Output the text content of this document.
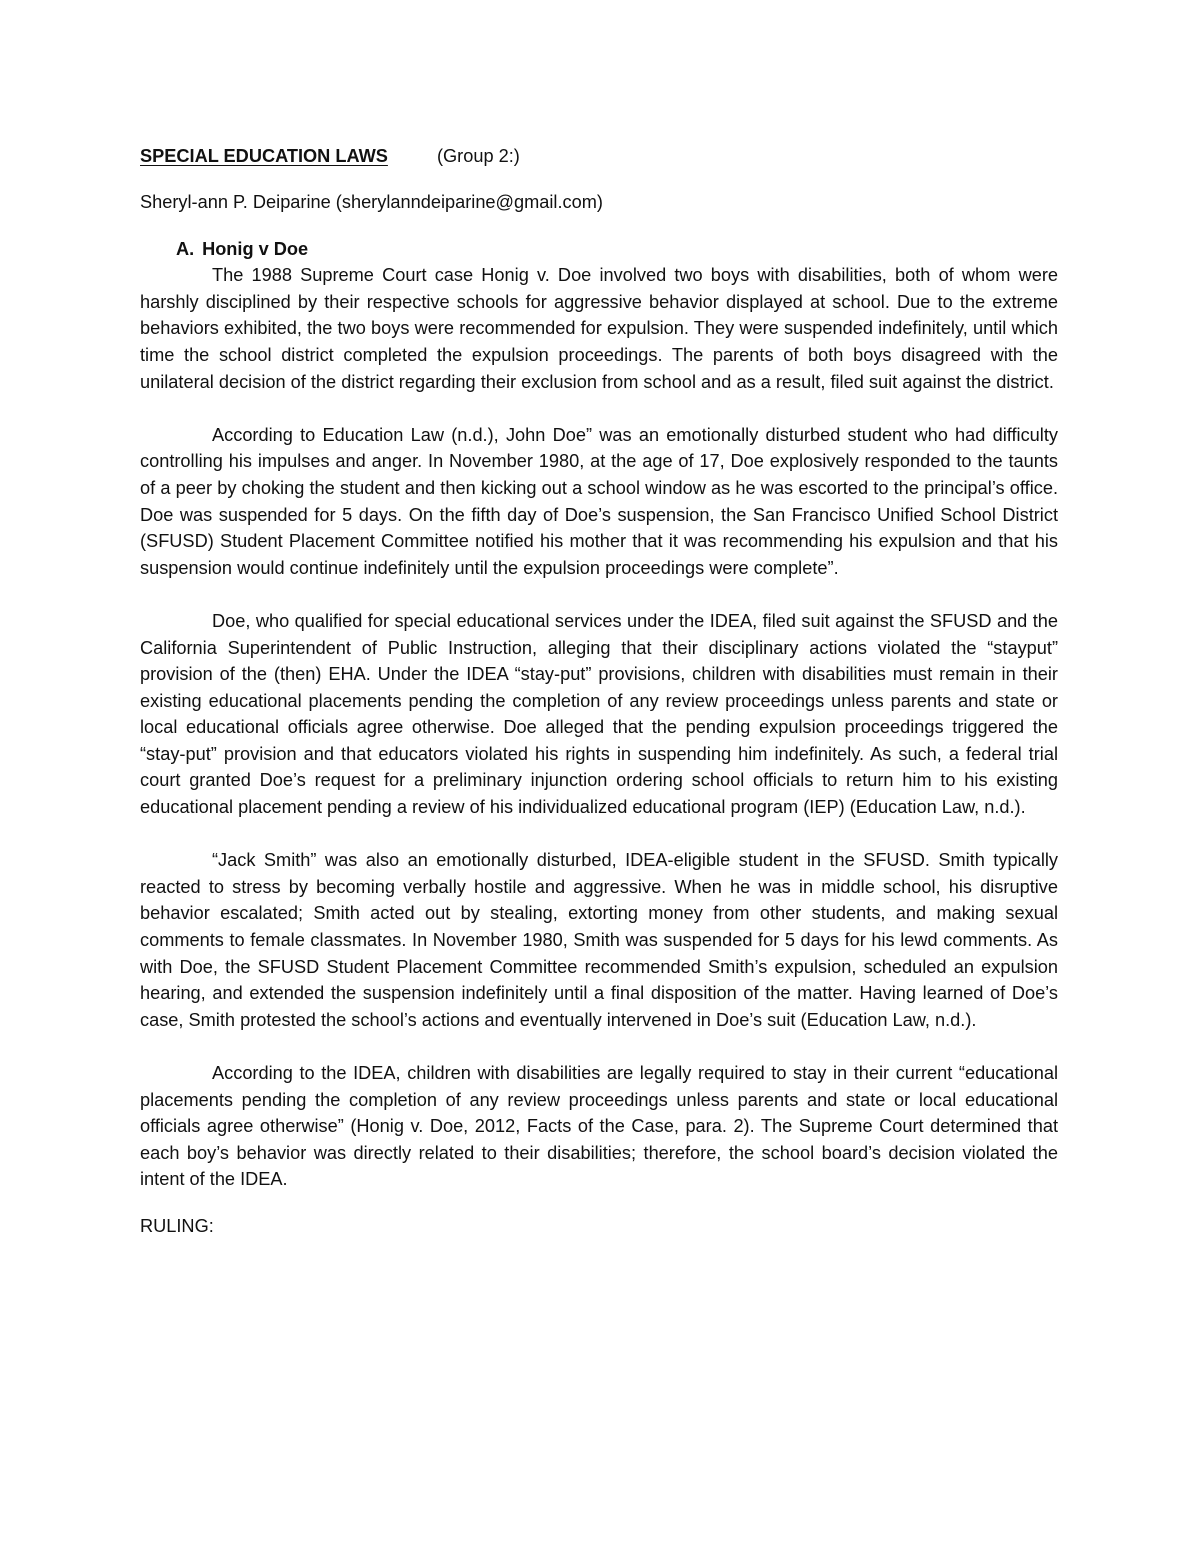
SPECIAL EDUCATION LAWS	(Group 2:)
Sheryl-ann P. Deiparine (sherylanndeiparine@gmail.com)
A. Honig v Doe

The 1988 Supreme Court case Honig v. Doe involved two boys with disabilities, both of whom were harshly disciplined by their respective schools for aggressive behavior displayed at school. Due to the extreme behaviors exhibited, the two boys were recommended for expulsion. They were suspended indefinitely, until which time the school district completed the expulsion proceedings. The parents of both boys disagreed with the unilateral decision of the district regarding their exclusion from school and as a result, filed suit against the district.

According to Education Law (n.d.), John Doe” was an emotionally disturbed student who had difficulty controlling his impulses and anger. In November 1980, at the age of 17, Doe explosively responded to the taunts of a peer by choking the student and then kicking out a school window as he was escorted to the principal’s office. Doe was suspended for 5 days. On the fifth day of Doe’s suspension, the San Francisco Unified School District (SFUSD) Student Placement Committee notified his mother that it was recommending his expulsion and that his suspension would continue indefinitely until the expulsion proceedings were complete”.

Doe, who qualified for special educational services under the IDEA, filed suit against the SFUSD and the California Superintendent of Public Instruction, alleging that their disciplinary actions violated the “stayput” provision of the (then) EHA. Under the IDEA “stay-put” provisions, children with disabilities must remain in their existing educational placements pending the completion of any review proceedings unless parents and state or local educational officials agree otherwise. Doe alleged that the pending expulsion proceedings triggered the “stay-put” provision and that educators violated his rights in suspending him indefinitely. As such, a federal trial court granted Doe’s request for a preliminary injunction ordering school officials to return him to his existing educational placement pending a review of his individualized educational program (IEP) (Education Law, n.d.).

“Jack Smith” was also an emotionally disturbed, IDEA-eligible student in the SFUSD. Smith typically reacted to stress by becoming verbally hostile and aggressive. When he was in middle school, his disruptive behavior escalated; Smith acted out by stealing, extorting money from other students, and making sexual comments to female classmates. In November 1980, Smith was suspended for 5 days for his lewd comments. As with Doe, the SFUSD Student Placement Committee recommended Smith’s expulsion, scheduled an expulsion hearing, and extended the suspension indefinitely until a final disposition of the matter. Having learned of Doe’s case, Smith protested the school’s actions and eventually intervened in Doe’s suit (Education Law, n.d.).

According to the IDEA, children with disabilities are legally required to stay in their current “educational placements pending the completion of any review proceedings unless parents and state or local educational officials agree otherwise” (Honig v. Doe, 2012, Facts of the Case, para. 2). The Supreme Court determined that each boy’s behavior was directly related to their disabilities; therefore, the school board’s decision violated the intent of the IDEA.

RULING:
